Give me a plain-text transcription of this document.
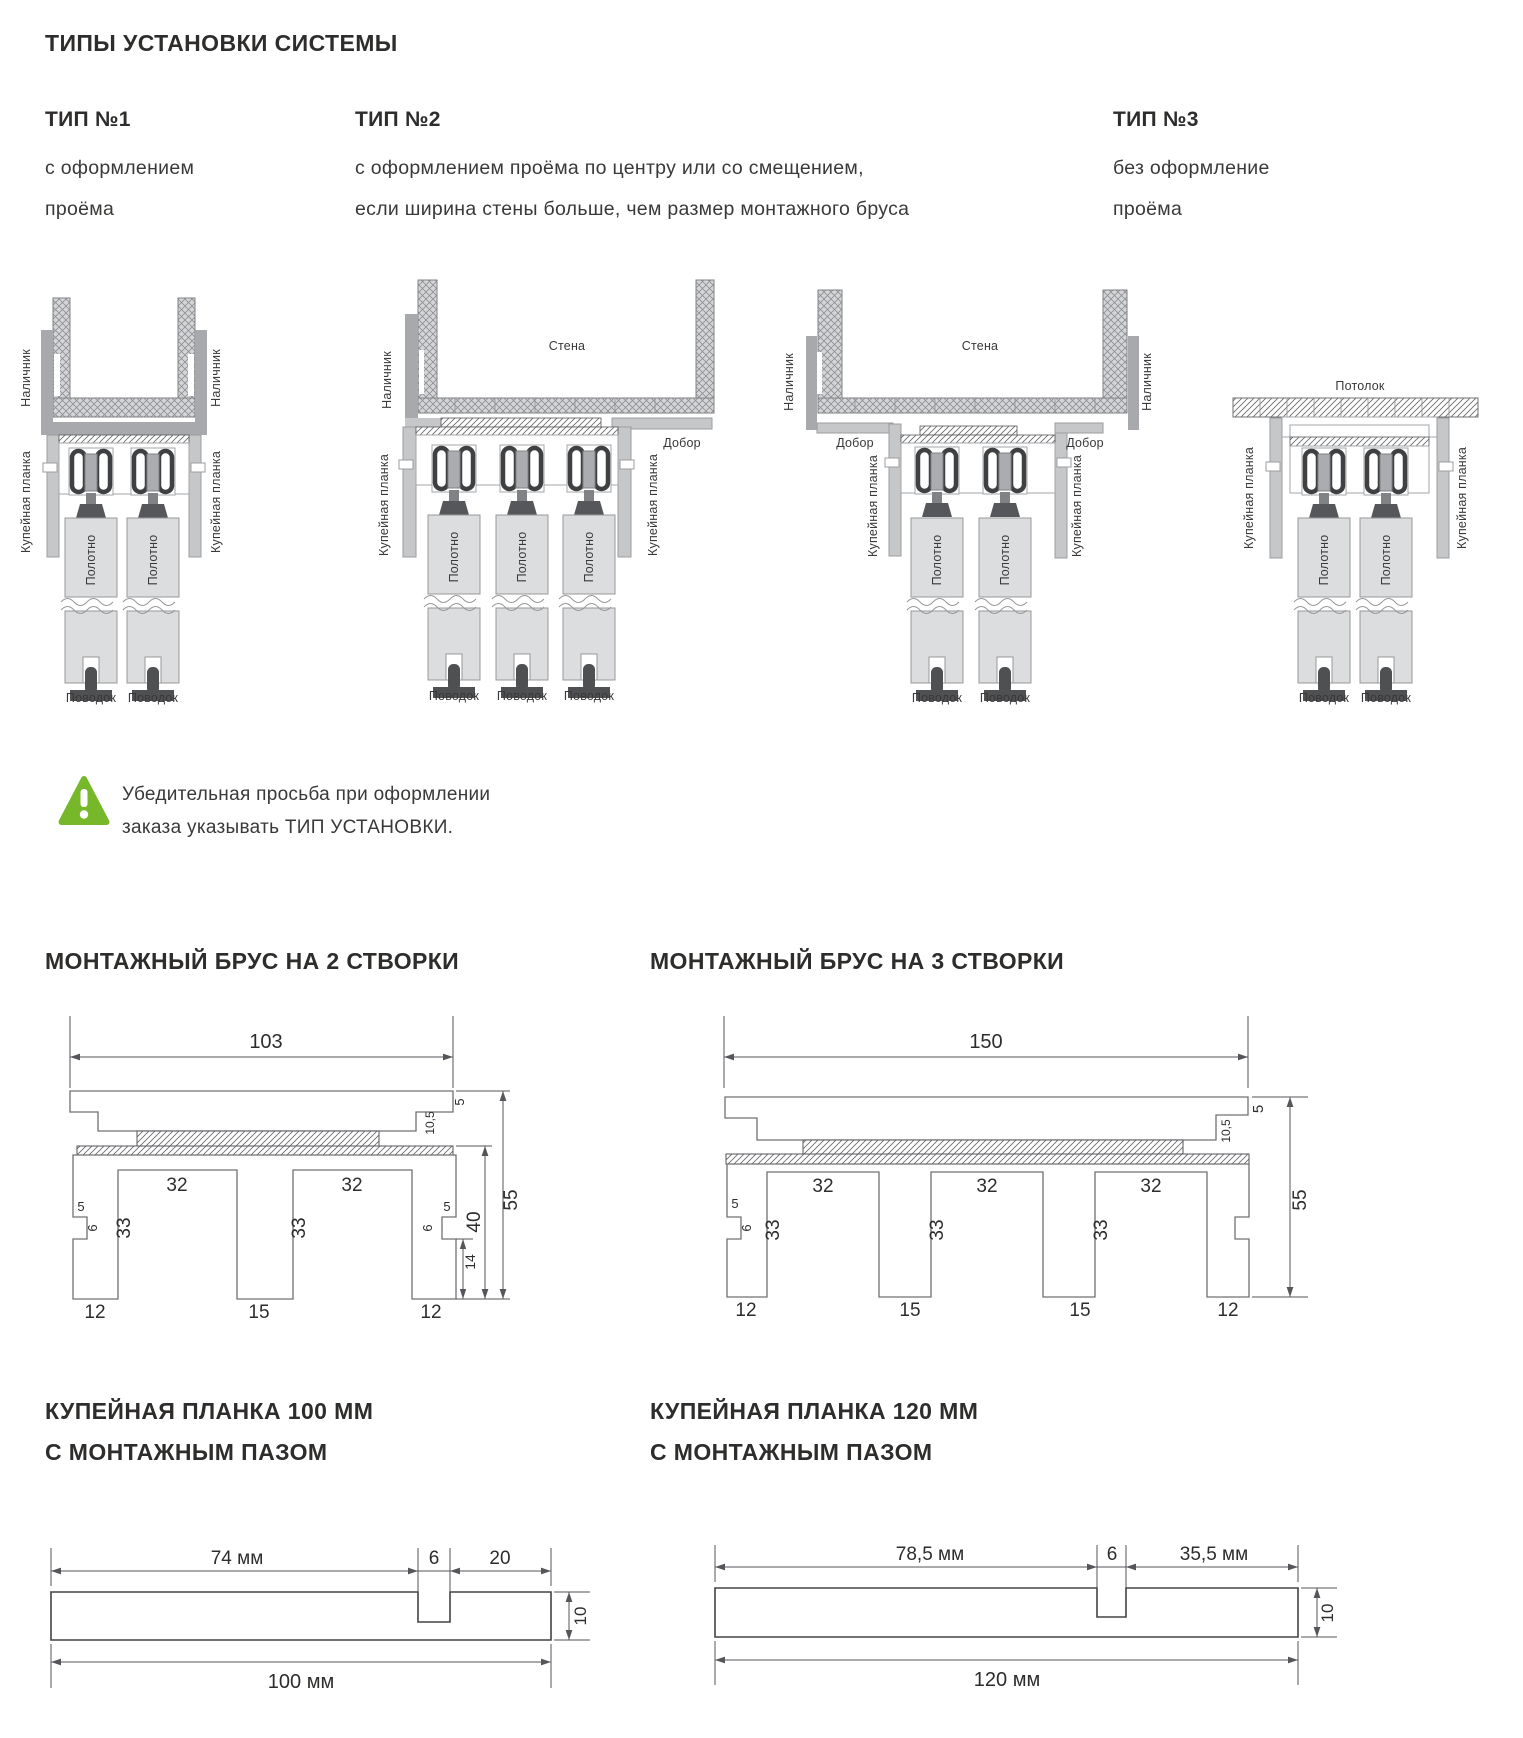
ТИПЫ УСТАНОВКИ СИСТЕМЫ
ТИП №1
с оформлением
проёма
ТИП №2
с оформлением проёма по центру или со смещением,
если ширина стены больше, чем размер монтажного бруса
ТИП №3
без оформление
проёма
Наличник	Наличник
Купейная планка	Купейная планка
Полотно	Полотно
Поводок Поводок
Стена
Наличник
Добор
Купейная планка	Купейная планка
Полотно	Полотно	Полотно
Поводок Поводок Поводок
Стена
Наличник	Наличник
Добор	Добор
Купейная планка	Купейная планка
Полотно	Полотно
Поводок Поводок
Потолок
Купейная планка	Купейная планка
Полотно	Полотно
Поводок Поводок
Убедительная просьба при оформлении
заказа указывать ТИП УСТАНОВКИ.
МОНТАЖНЫЙ БРУС НА 2 СТВОРКИ	МОНТАЖНЫЙ БРУС НА 3 СТВОРКИ
103
32	32
33	33
5
6
5
6
5
10,5
14
40
55
12	15	12
150
32	32	32
33	33	33
5
6
5
10,5
55
12	15	15	12
КУПЕЙНАЯ ПЛАНКА 100 ММ
С МОНТАЖНЫМ ПАЗОМ
КУПЕЙНАЯ ПЛАНКА 120 ММ
С МОНТАЖНЫМ ПАЗОМ
74 мм	6	20
10
100 мм
78,5 мм	6	35,5 мм
10
120 мм
